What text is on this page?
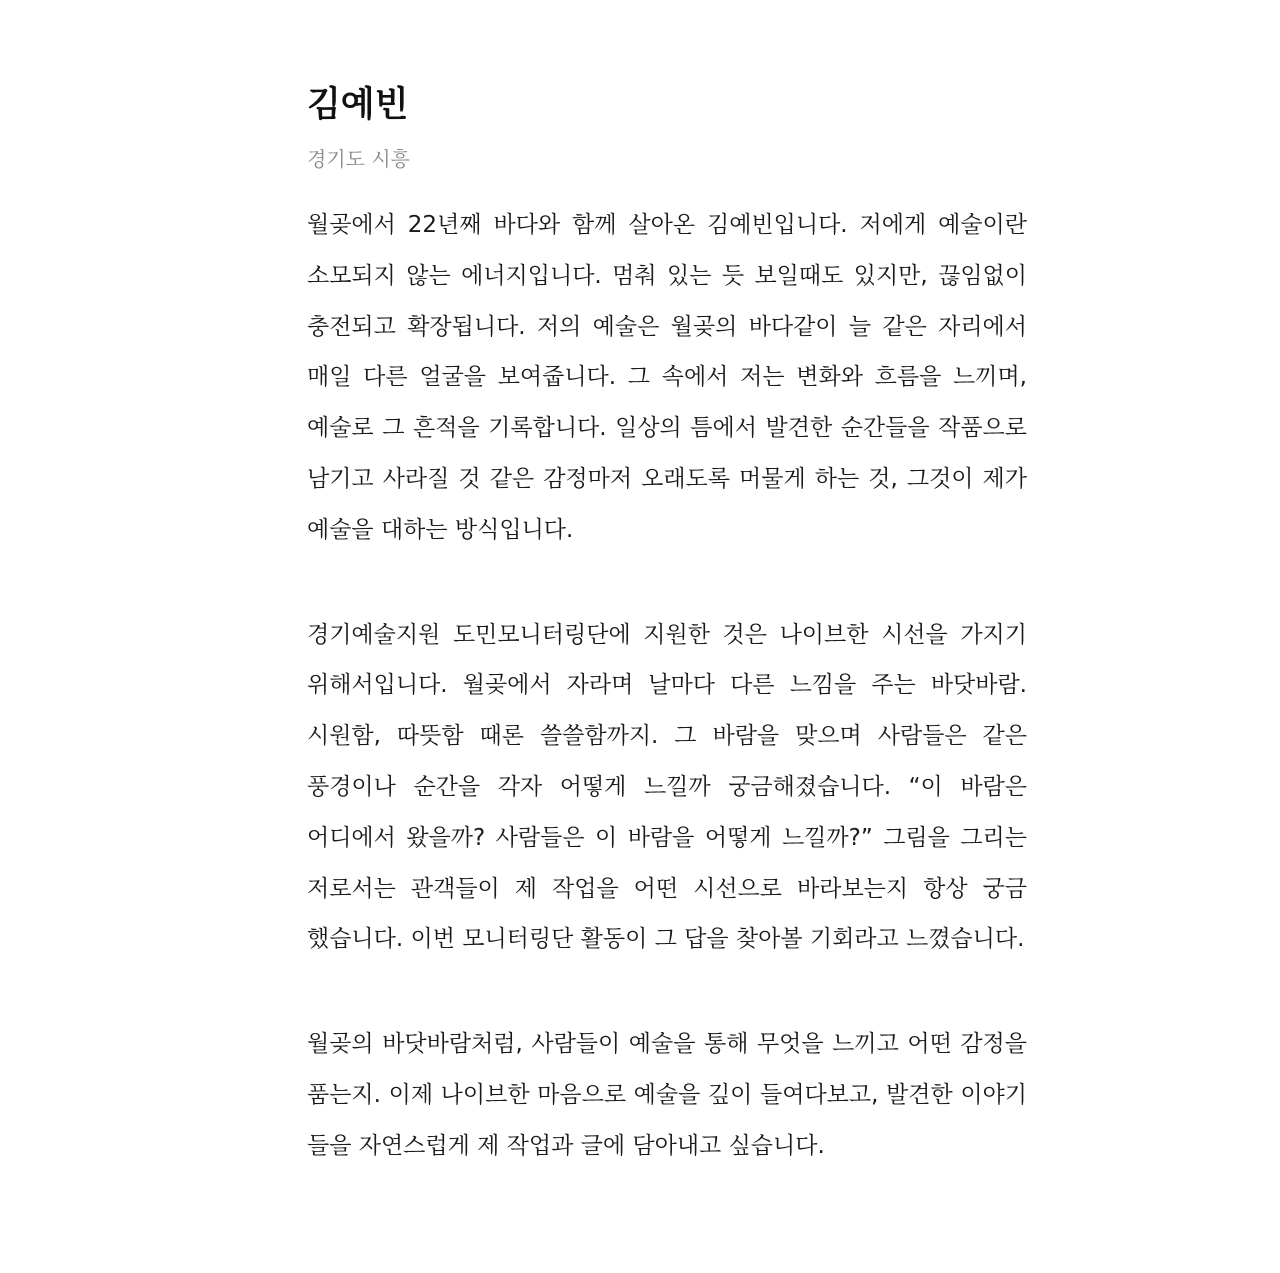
김예빈
경기도 시흥
월곶에서 22년째 바다와 함께 살아온 김예빈입니다. 저에게 예술이란
소모되지 않는 에너지입니다. 멈춰 있는 듯 보일때도 있지만, 끊임없이
충전되고 확장됩니다. 저의 예술은 월곶의 바다같이 늘 같은 자리에서
매일 다른 얼굴을 보여줍니다. 그 속에서 저는 변화와 흐름을 느끼며,
예술로 그 흔적을 기록합니다. 일상의 틈에서 발견한 순간들을 작품으로
남기고 사라질 것 같은 감정마저 오래도록 머물게 하는 것, 그것이 제가
예술을 대하는 방식입니다.
경기예술지원 도민모니터링단에 지원한 것은 나이브한 시선을 가지기
위해서입니다. 월곶에서 자라며 날마다 다른 느낌을 주는 바닷바람.
시원함, 따뜻함 때론 쓸쓸함까지. 그 바람을 맞으며 사람들은 같은
풍경이나 순간을 각자 어떻게 느낄까 궁금해졌습니다. “이 바람은
어디에서 왔을까? 사람들은 이 바람을 어떻게 느낄까?” 그림을 그리는
저로서는 관객들이 제 작업을 어떤 시선으로 바라보는지 항상 궁금
했습니다. 이번 모니터링단 활동이 그 답을 찾아볼 기회라고 느꼈습니다.
월곶의 바닷바람처럼, 사람들이 예술을 통해 무엇을 느끼고 어떤 감정을
품는지. 이제 나이브한 마음으로 예술을 깊이 들여다보고, 발견한 이야기
들을 자연스럽게 제 작업과 글에 담아내고 싶습니다.
